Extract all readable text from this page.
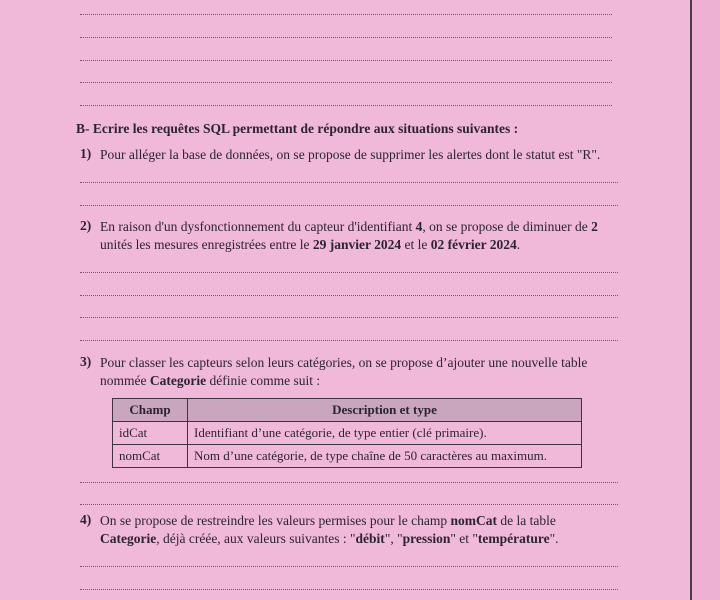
B- Ecrire les requêtes SQL permettant de répondre aux situations suivantes :
1) Pour alléger la base de données, on se propose de supprimer les alertes dont le statut est "R".
2) En raison d'un dysfonctionnement du capteur d'identifiant 4, on se propose de diminuer de 2
unités les mesures enregistrées entre le 29 janvier 2024 et le 02 février 2024.
3) Pour classer les capteurs selon leurs catégories, on se propose d’ajouter une nouvelle table
nommée Categorie définie comme suit :
Champ	Description et type
idCat	Identifiant d’une catégorie, de type entier (clé primaire).
nomCat	Nom d’une catégorie, de type chaîne de 50 caractères au maximum.
4) On se propose de restreindre les valeurs permises pour le champ nomCat de la table
Categorie, déjà créée, aux valeurs suivantes : "débit", "pression" et "température".
